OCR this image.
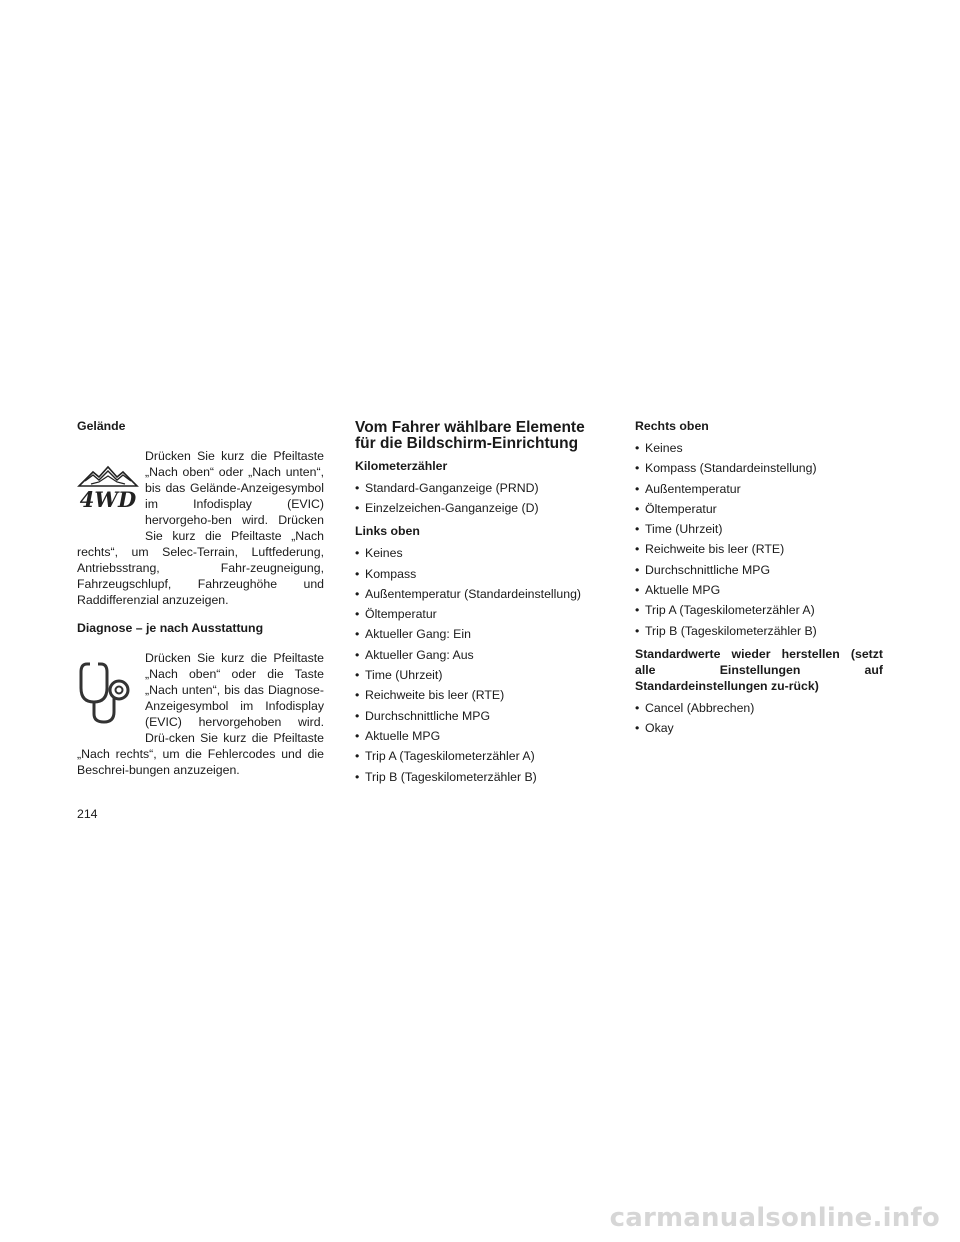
Gelände
4WD

Drücken Sie kurz die Pfeiltaste „Nach oben“ oder „Nach unten“, bis das Gelände-Anzeigesymbol im Infodisplay (EVIC) hervorgeho-ben wird. Drücken Sie kurz die Pfeiltaste „Nach rechts“, um Selec-Terrain, Luftfederung, Antriebsstrang, Fahr-zeugneigung, Fahrzeugschlupf, Fahrzeughöhe und Raddifferenzial anzuzeigen.

Diagnose – je nach Ausstattung

Drücken Sie kurz die Pfeiltaste „Nach oben“ oder die Taste „Nach unten“, bis das Diagnose-Anzeigesymbol im Infodisplay (EVIC) hervorgehoben wird. Drü-cken Sie kurz die Pfeiltaste „Nach rechts“, um die Fehlercodes und die Beschrei-bungen anzuzeigen.

Vom Fahrer wählbare Elemente für die Bildschirm-Einrichtung
Kilometerzähler
• Standard-Ganganzeige (PRND)
• Einzelzeichen-Ganganzeige (D)
Links oben
• Keines
• Kompass
• Außentemperatur (Standardeinstellung)
• Öltemperatur
• Aktueller Gang: Ein
• Aktueller Gang: Aus
• Time (Uhrzeit)
• Reichweite bis leer (RTE)
• Durchschnittliche MPG
• Aktuelle MPG
• Trip A (Tageskilometerzähler A)
• Trip B (Tageskilometerzähler B)
Rechts oben
• Keines
• Kompass (Standardeinstellung)
• Außentemperatur
• Öltemperatur
• Time (Uhrzeit)
• Reichweite bis leer (RTE)
• Durchschnittliche MPG
• Aktuelle MPG
• Trip A (Tageskilometerzähler A)
• Trip B (Tageskilometerzähler B)
Standardwerte wieder herstellen (setzt alle Einstellungen auf Standardeinstellungen zu-rück)
• Cancel (Abbrechen)
• Okay
214
carmanualsonline.info
